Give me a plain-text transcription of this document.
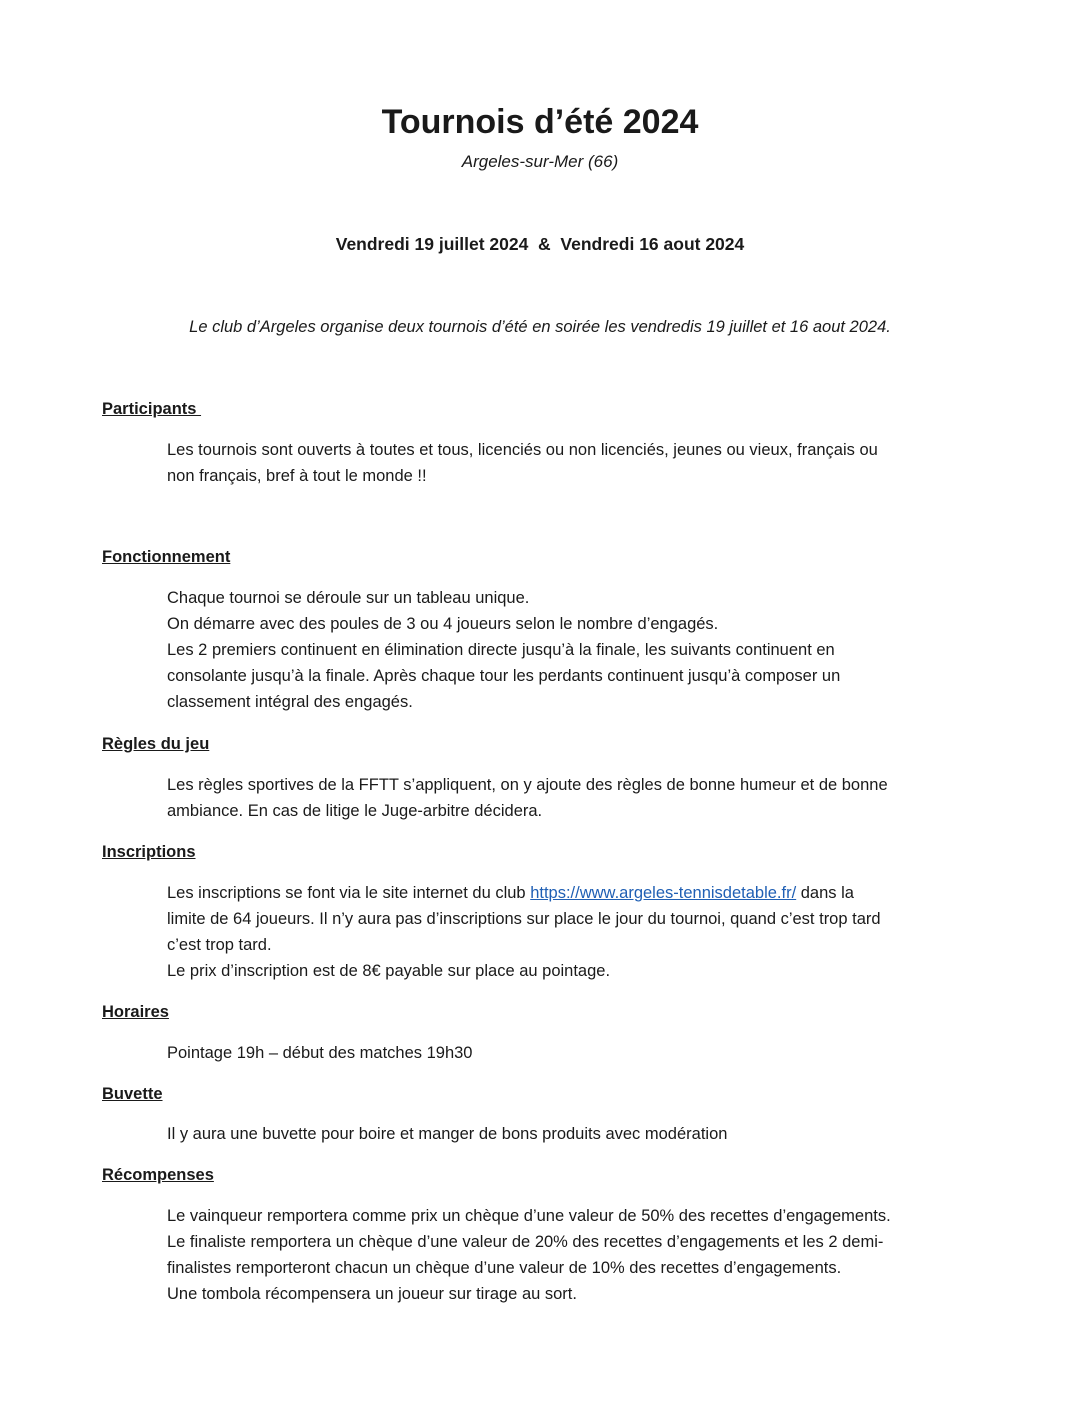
Tournois d’été 2024
Argeles-sur-Mer (66)
Vendredi 19 juillet 2024  &  Vendredi 16 aout 2024
Le club d’Argeles organise deux tournois d’été en soirée les vendredis 19 juillet et 16 aout 2024.
Participants
Les tournois sont ouverts à toutes et tous, licenciés ou non licenciés, jeunes ou vieux, français ou
non français, bref à tout le monde !!
Fonctionnement
Chaque tournoi se déroule sur un tableau unique.
On démarre avec des poules de 3 ou 4 joueurs selon le nombre d’engagés.
Les 2 premiers continuent en élimination directe jusqu’à la finale, les suivants continuent en
consolante jusqu’à la finale. Après chaque tour les perdants continuent jusqu’à composer un
classement intégral des engagés.
Règles du jeu
Les règles sportives de la FFTT s’appliquent, on y ajoute des règles de bonne humeur et de bonne
ambiance. En cas de litige le Juge-arbitre décidera.
Inscriptions
Les inscriptions se font via le site internet du club https://www.argeles-tennisdetable.fr/ dans la
limite de 64 joueurs. Il n’y aura pas d’inscriptions sur place le jour du tournoi, quand c’est trop tard
c’est trop tard.
Le prix d’inscription est de 8€ payable sur place au pointage.
Horaires
Pointage 19h – début des matches 19h30
Buvette
Il y aura une buvette pour boire et manger de bons produits avec modération
Récompenses
Le vainqueur remportera comme prix un chèque d’une valeur de 50% des recettes d’engagements.
Le finaliste remportera un chèque d’une valeur de 20% des recettes d’engagements et les 2 demi-
finalistes remporteront chacun un chèque d’une valeur de 10% des recettes d’engagements.
Une tombola récompensera un joueur sur tirage au sort.
